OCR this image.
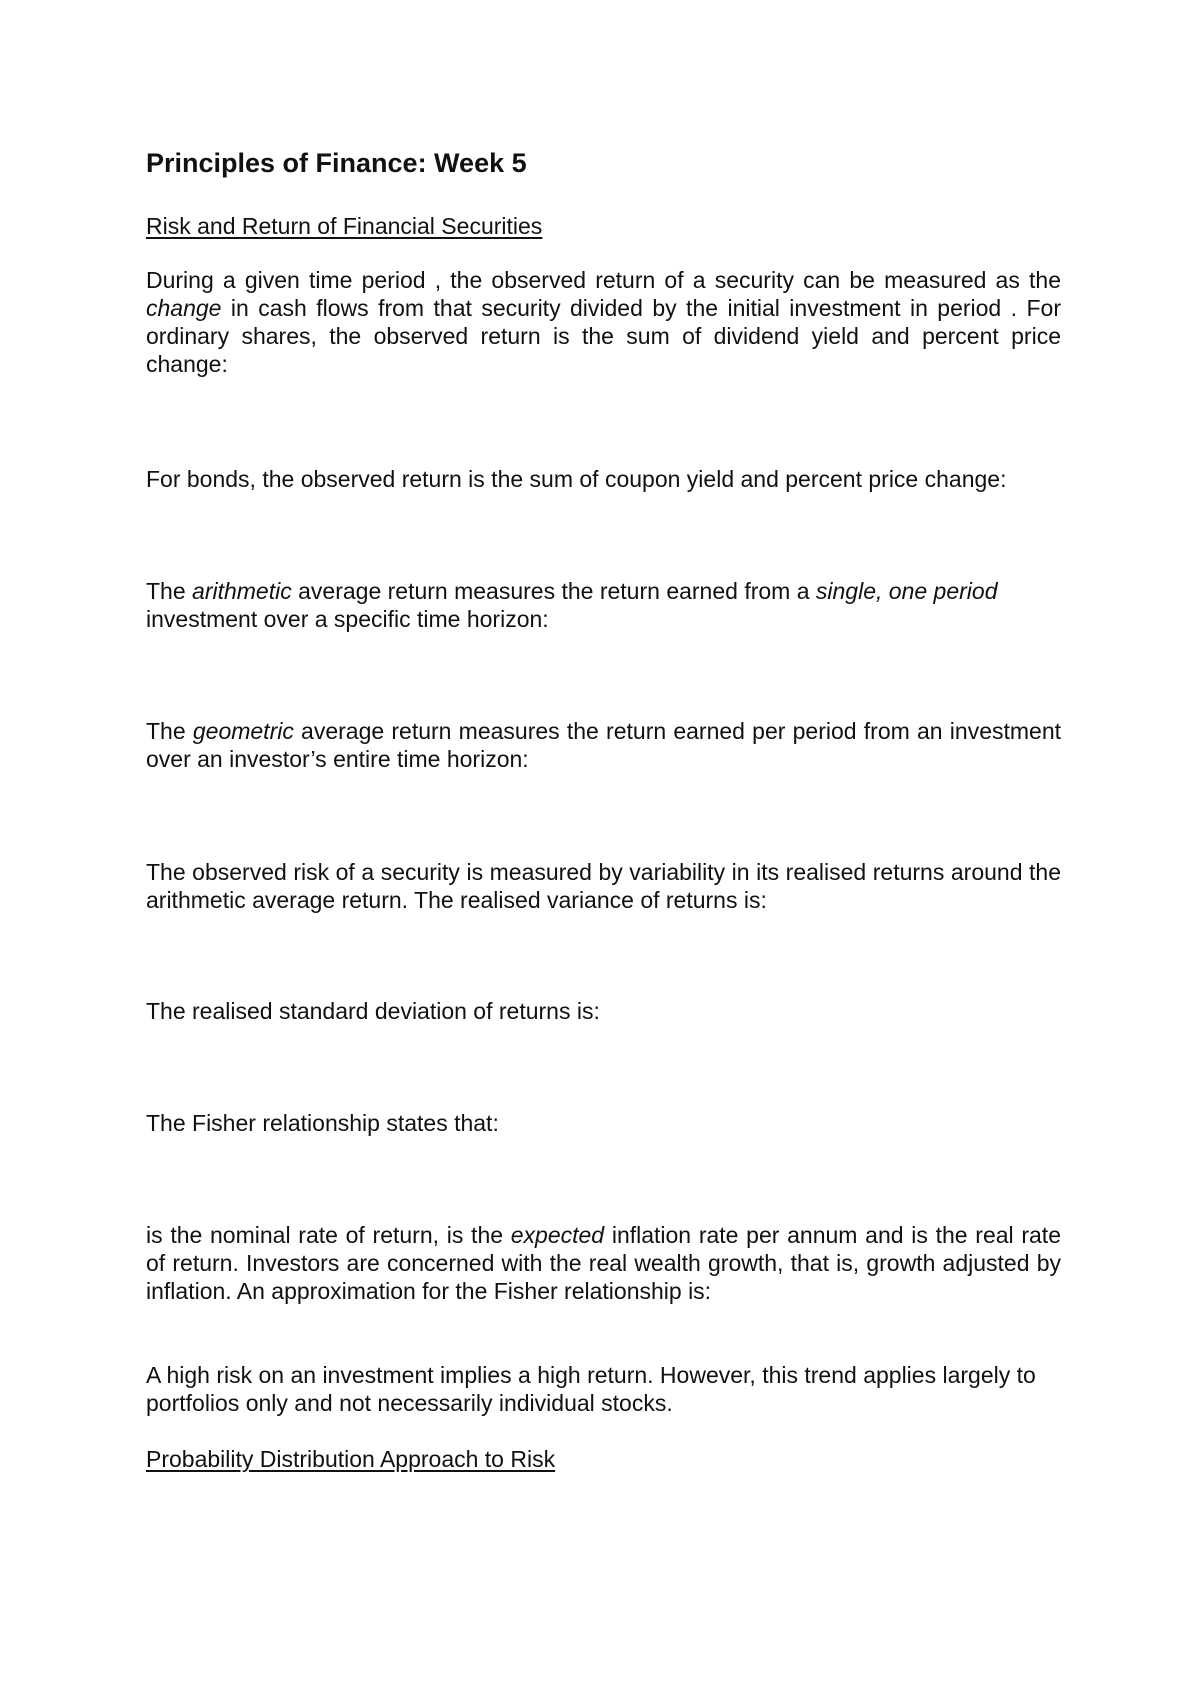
Principles of Finance: Week 5
Risk and Return of Financial Securities

During a given time period , the observed return of a security can be measured as the change in cash flows from that security divided by the initial investment in period . For ordinary shares, the observed return is the sum of dividend yield and percent price change:

For bonds, the observed return is the sum of coupon yield and percent price change:

The arithmetic average return measures the return earned from a single, one period investment over a specific time horizon:

The geometric average return measures the return earned per period from an investment over an investor’s entire time horizon:

The observed risk of a security is measured by variability in its realised returns around the arithmetic average return. The realised variance of returns is:

The realised standard deviation of returns is:

The Fisher relationship states that:

is the nominal rate of return, is the expected inflation rate per annum and is the real rate of return. Investors are concerned with the real wealth growth, that is, growth adjusted by inflation. An approximation for the Fisher relationship is:

A high risk on an investment implies a high return. However, this trend applies largely to portfolios only and not necessarily individual stocks.

Probability Distribution Approach to Risk
